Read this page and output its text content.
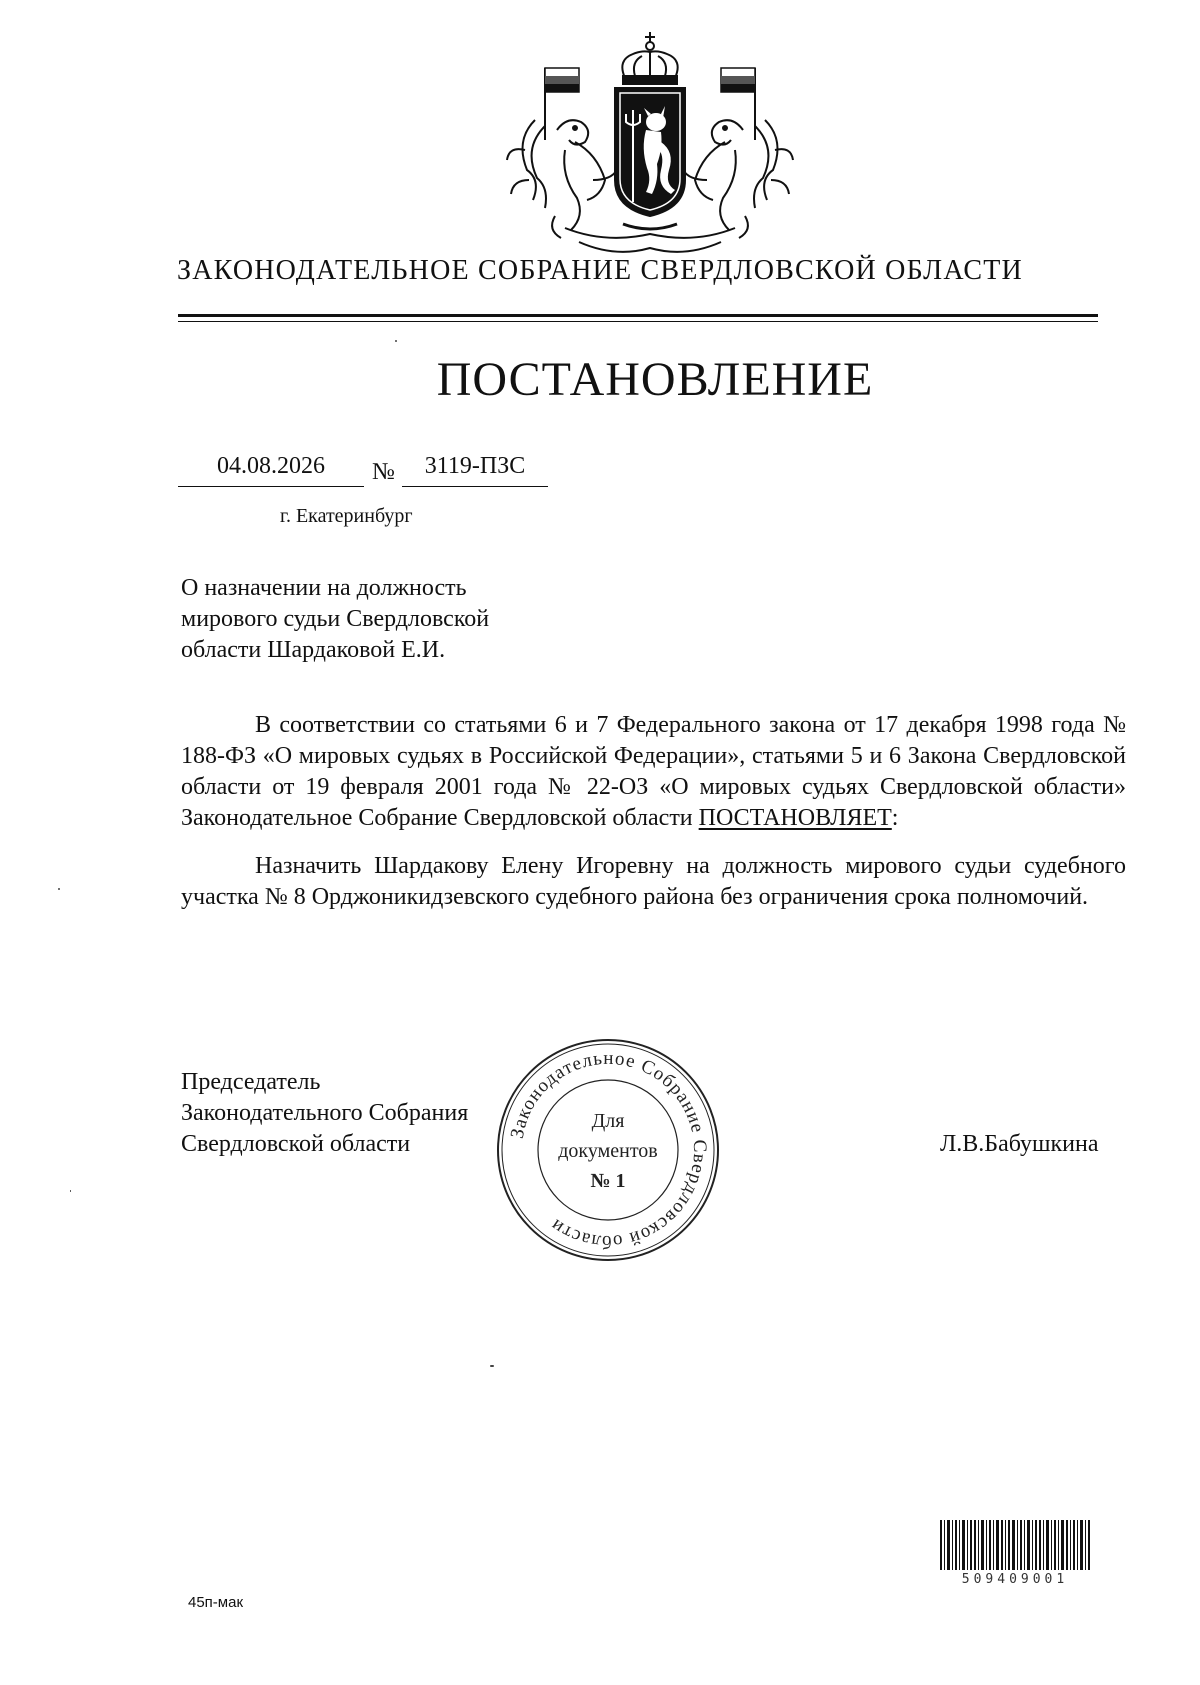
ЗАКОНОДАТЕЛЬНОЕ СОБРАНИЕ СВЕРДЛОВСКОЙ ОБЛАСТИ
ПОСТАНОВЛЕНИЕ
04.08.2026	№	3119-ПЗС
г. Екатеринбург
О назначении на должность
мирового судьи Свердловской
области Шардаковой Е.И.

В соответствии со статьями 6 и 7 Федерального закона от 17 декабря 1998 года № 188-ФЗ «О мировых судьях в Российской Федерации», статьями 5 и 6 Закона Свердловской области от 19 февраля 2001 года № 22-ОЗ «О мировых судьях Свердловской области» Законодательное Собрание Свердловской области ПОСТАНОВЛЯЕТ:

Назначить Шардакову Елену Игоревну на должность мирового судьи судебного участка № 8 Орджоникидзевского судебного района без ограничения срока полномочий.

Председатель
Законодательного Собрания
Свердловской области	Л.В.Бабушкина
Законодательное Собрание Свердловской области
Для
документов
№ 1
509409001
45п-мак
